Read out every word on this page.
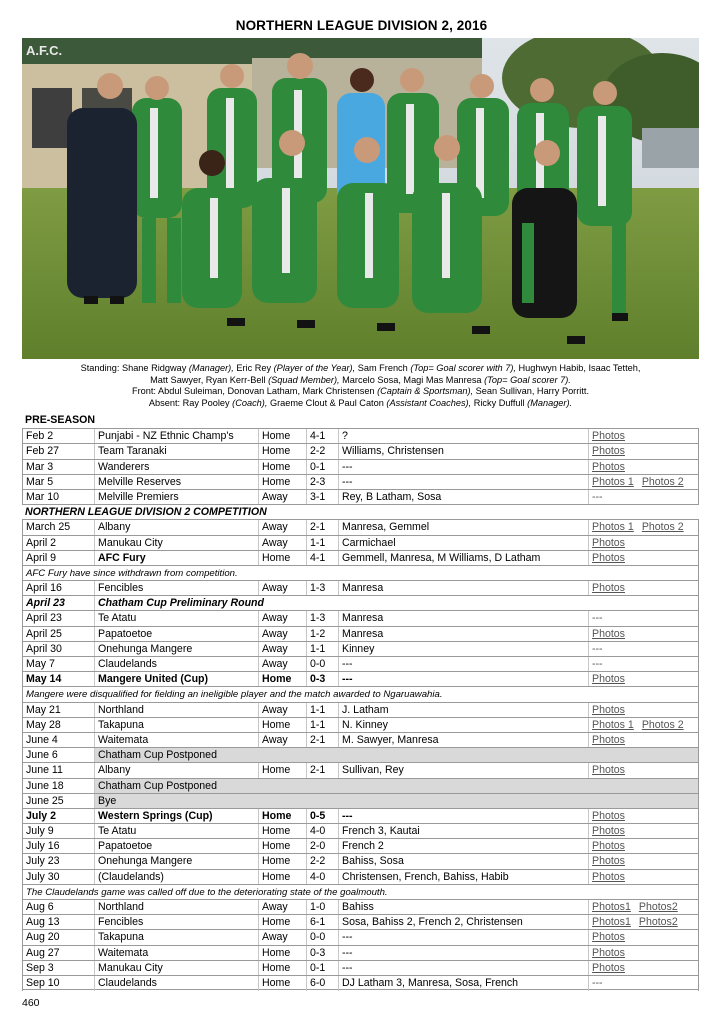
NORTHERN LEAGUE DIVISION 2, 2016
A.F.C.
Standing: Shane Ridgway (Manager), Eric Rey (Player of the Year), Sam French (Top= Goal scorer with 7), Hughwyn Habib, Isaac Tetteh,
Matt Sawyer, Ryan Kerr-Bell (Squad Member), Marcelo Sosa, Magi Mas Manresa (Top= Goal scorer 7).
Front: Abdul Suleiman, Donovan Latham, Mark Christensen (Captain & Sportsman), Sean Sullivan, Harry Porritt.
Absent: Ray Pooley (Coach), Graeme Clout & Paul Caton (Assistant Coaches), Ricky Duffull (Manager).
PRE-SEASON
Feb 2	Punjabi - NZ Ethnic Champ's	Home	4-1	?	Photos
Feb 27	Team Taranaki	Home	2-2	Williams, Christensen	Photos
Mar 3	Wanderers	Home	0-1	---	Photos
Mar 5	Melville Reserves	Home	2-3	---	Photos 1 Photos 2
Mar 10	Melville Premiers	Away	3-1	Rey, B Latham, Sosa	---
NORTHERN LEAGUE DIVISION 2 COMPETITION
March 25	Albany	Away	2-1	Manresa, Gemmel	Photos 1 Photos 2
April 2	Manukau City	Away	1-1	Carmichael	Photos
April 9	AFC Fury	Home	4-1	Gemmell, Manresa, M Williams, D Latham	Photos
AFC Fury have since withdrawn from competition.
April 16	Fencibles	Away	1-3	Manresa	Photos
April 23	Chatham Cup Preliminary Round
April 23	Te Atatu	Away	1-3	Manresa	---
April 25	Papatoetoe	Away	1-2	Manresa	Photos
April 30	Onehunga Mangere	Away	1-1	Kinney	---
May 7	Claudelands	Away	0-0	---	---
May 14	Mangere United (Cup)	Home	0-3	---	Photos
Mangere were disqualified for fielding an ineligible player and the match awarded to Ngaruawahia.
May 21	Northland	Away	1-1	J. Latham	Photos
May 28	Takapuna	Home	1-1	N. Kinney	Photos 1 Photos 2
June 4	Waitemata	Away	2-1	M. Sawyer, Manresa	Photos
June 6	Chatham Cup Postponed
June 11	Albany	Home	2-1	Sullivan, Rey	Photos
June 18	Chatham Cup Postponed
June 25	Bye
July 2	Western Springs (Cup)	Home	0-5	---	Photos
July 9	Te Atatu	Home	4-0	French 3, Kautai	Photos
July 16	Papatoetoe	Home	2-0	French 2	Photos
July 23	Onehunga Mangere	Home	2-2	Bahiss, Sosa	Photos
July 30	(Claudelands)	Home	4-0	Christensen, French, Bahiss, Habib	Photos
The Claudelands game was called off due to the deteriorating state of the goalmouth.
Aug 6	Northland	Away	1-0	Bahiss	Photos1 Photos2
Aug 13	Fencibles	Home	6-1	Sosa, Bahiss 2, French 2, Christensen	Photos1 Photos2
Aug 20	Takapuna	Away	0-0	---	Photos
Aug 27	Waitemata	Home	0-3	---	Photos
Sep 3	Manukau City	Home	0-1	---	Photos
Sep 10	Claudelands	Home	6-0	DJ Latham 3, Manresa, Sosa, French	---
460
